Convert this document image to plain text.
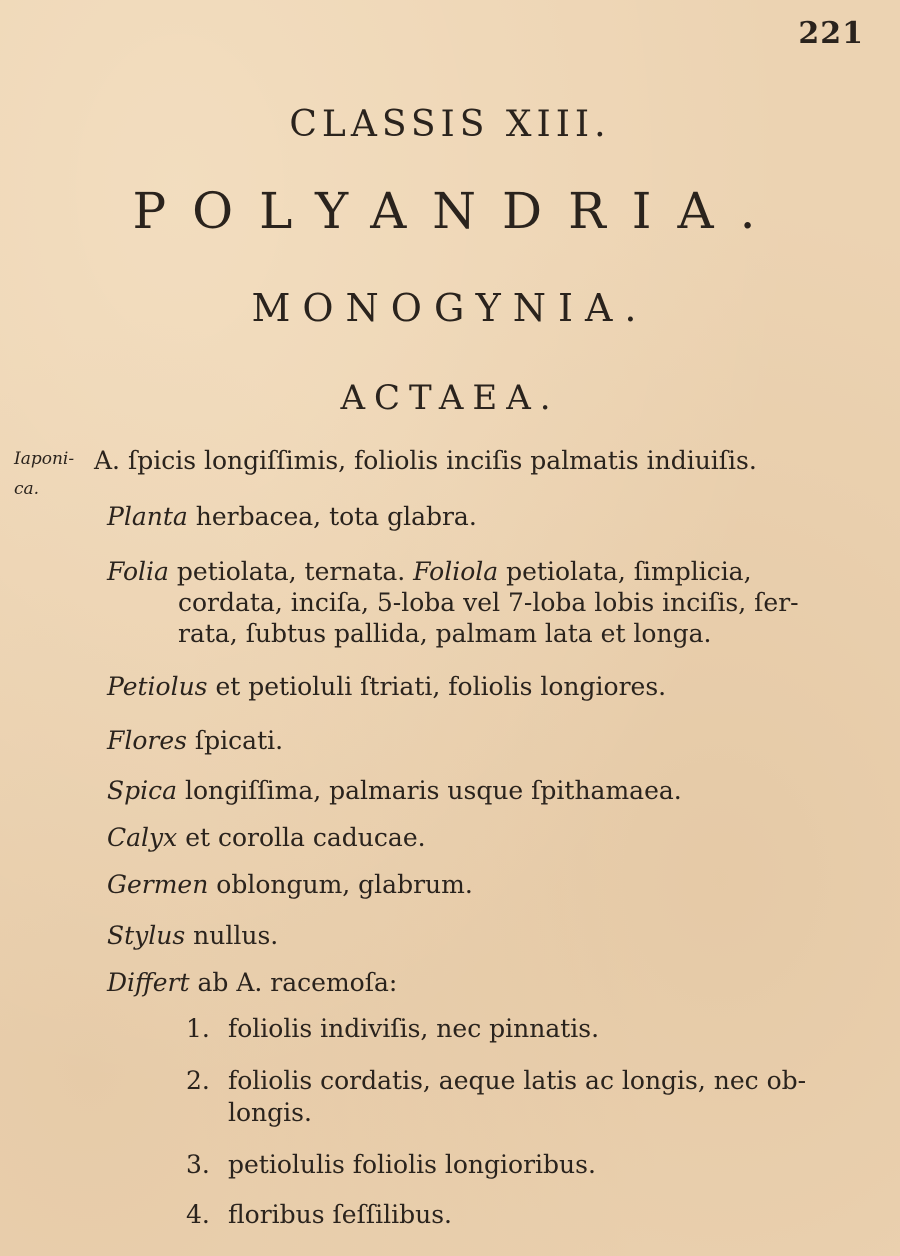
221
CLASSIS XIII.
POLYANDRIA.
MONOGYNIA.
ACTAEA.
Iaponi-
ca.
A. ſpicis longiſſimis, foliolis inciſis palmatis indiuiſis.
Planta herbacea, tota glabra.
Folia petiolata, ternata. Foliola petiolata, ſimplicia,
cordata, inciſa, 5-loba vel 7-loba lobis inciſis, ſer-
rata, ſubtus pallida, palmam lata et longa.
Petiolus et petioluli ſtriati, foliolis longiores.
Flores ſpicati.
Spica longiſſima, palmaris usque ſpithamaea.
Calyx et corolla caducae.
Germen oblongum, glabrum.
Stylus nullus.
Differt ab A. racemoſa:
1. foliolis indiviſis, nec pinnatis.
2. foliolis cordatis, aeque latis ac longis, nec ob-
longis.
3. petiolulis foliolis longioribus.
4. floribus ſeſſilibus.
